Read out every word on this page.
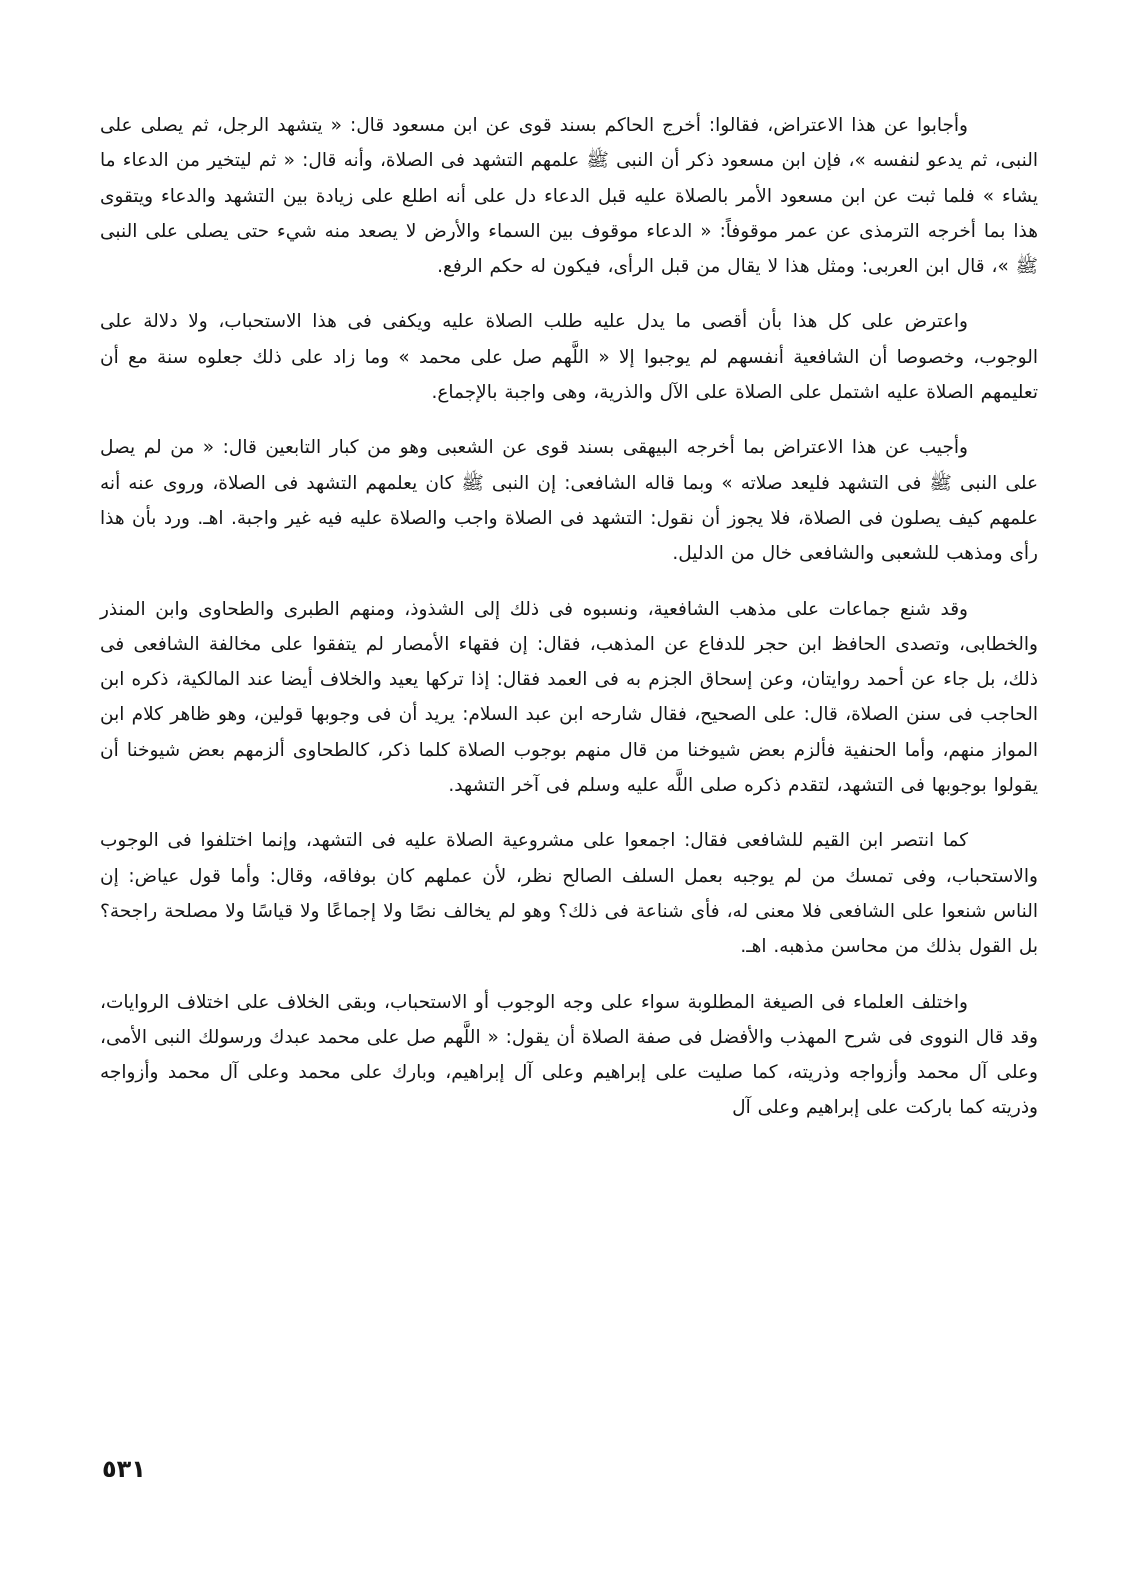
وأجابوا عن هذا الاعتراض، فقالوا: أخرج الحاكم بسند قوى عن ابن مسعود قال: « يتشهد الرجل، ثم يصلى على النبى، ثم يدعو لنفسه »، فإن ابن مسعود ذكر أن النبى ﷺ علمهم التشهد فى الصلاة، وأنه قال: « ثم ليتخير من الدعاء ما يشاء » فلما ثبت عن ابن مسعود الأمر بالصلاة عليه قبل الدعاء دل على أنه اطلع على زيادة بين التشهد والدعاء ويتقوى هذا بما أخرجه الترمذى عن عمر موقوفاً: « الدعاء موقوف بين السماء والأرض لا يصعد منه شيء حتى يصلى على النبى ﷺ »، قال ابن العربى: ومثل هذا لا يقال من قبل الرأى، فيكون له حكم الرفع.

واعترض على كل هذا بأن أقصى ما يدل عليه طلب الصلاة عليه ويكفى فى هذا الاستحباب، ولا دلالة على الوجوب، وخصوصا أن الشافعية أنفسهم لم يوجبوا إلا « اللَّهم صل على محمد » وما زاد على ذلك جعلوه سنة مع أن تعليمهم الصلاة عليه اشتمل على الصلاة على الآل والذرية، وهى واجبة بالإجماع.

وأجيب عن هذا الاعتراض بما أخرجه البيهقى بسند قوى عن الشعبى وهو من كبار التابعين قال: « من لم يصل على النبى ﷺ فى التشهد فليعد صلاته » وبما قاله الشافعى: إن النبى ﷺ كان يعلمهم التشهد فى الصلاة، وروى عنه أنه علمهم كيف يصلون فى الصلاة، فلا يجوز أن نقول: التشهد فى الصلاة واجب والصلاة عليه فيه غير واجبة. اهـ. ورد بأن هذا رأى ومذهب للشعبى والشافعى خال من الدليل.

وقد شنع جماعات على مذهب الشافعية، ونسبوه فى ذلك إلى الشذوذ، ومنهم الطبرى والطحاوى وابن المنذر والخطابى، وتصدى الحافظ ابن حجر للدفاع عن المذهب، فقال: إن فقهاء الأمصار لم يتفقوا على مخالفة الشافعى فى ذلك، بل جاء عن أحمد روايتان، وعن إسحاق الجزم به فى العمد فقال: إذا تركها يعيد والخلاف أيضا عند المالكية، ذكره ابن الحاجب فى سنن الصلاة، قال: على الصحيح، فقال شارحه ابن عبد السلام: يريد أن فى وجوبها قولين، وهو ظاهر كلام ابن المواز منهم، وأما الحنفية فألزم بعض شيوخنا من قال منهم بوجوب الصلاة كلما ذكر، كالطحاوى ألزمهم بعض شيوخنا أن يقولوا بوجوبها فى التشهد، لتقدم ذكره صلى اللَّه عليه وسلم فى آخر التشهد.

كما انتصر ابن القيم للشافعى فقال: اجمعوا على مشروعية الصلاة عليه فى التشهد، وإنما اختلفوا فى الوجوب والاستحباب، وفى تمسك من لم يوجبه بعمل السلف الصالح نظر، لأن عملهم كان بوفاقه، وقال: وأما قول عياض: إن الناس شنعوا على الشافعى فلا معنى له، فأى شناعة فى ذلك؟ وهو لم يخالف نصًا ولا إجماعًا ولا قياسًا ولا مصلحة راجحة؟ بل القول بذلك من محاسن مذهبه. اهـ.

واختلف العلماء فى الصيغة المطلوبة سواء على وجه الوجوب أو الاستحباب، وبقى الخلاف على اختلاف الروايات، وقد قال النووى فى شرح المهذب والأفضل فى صفة الصلاة أن يقول: « اللَّهم صل على محمد عبدك ورسولك النبى الأمى، وعلى آل محمد وأزواجه وذريته، كما صليت على إبراهيم وعلى آل إبراهيم، وبارك على محمد وعلى آل محمد وأزواجه وذريته كما باركت على إبراهيم وعلى آل

٥٣١
